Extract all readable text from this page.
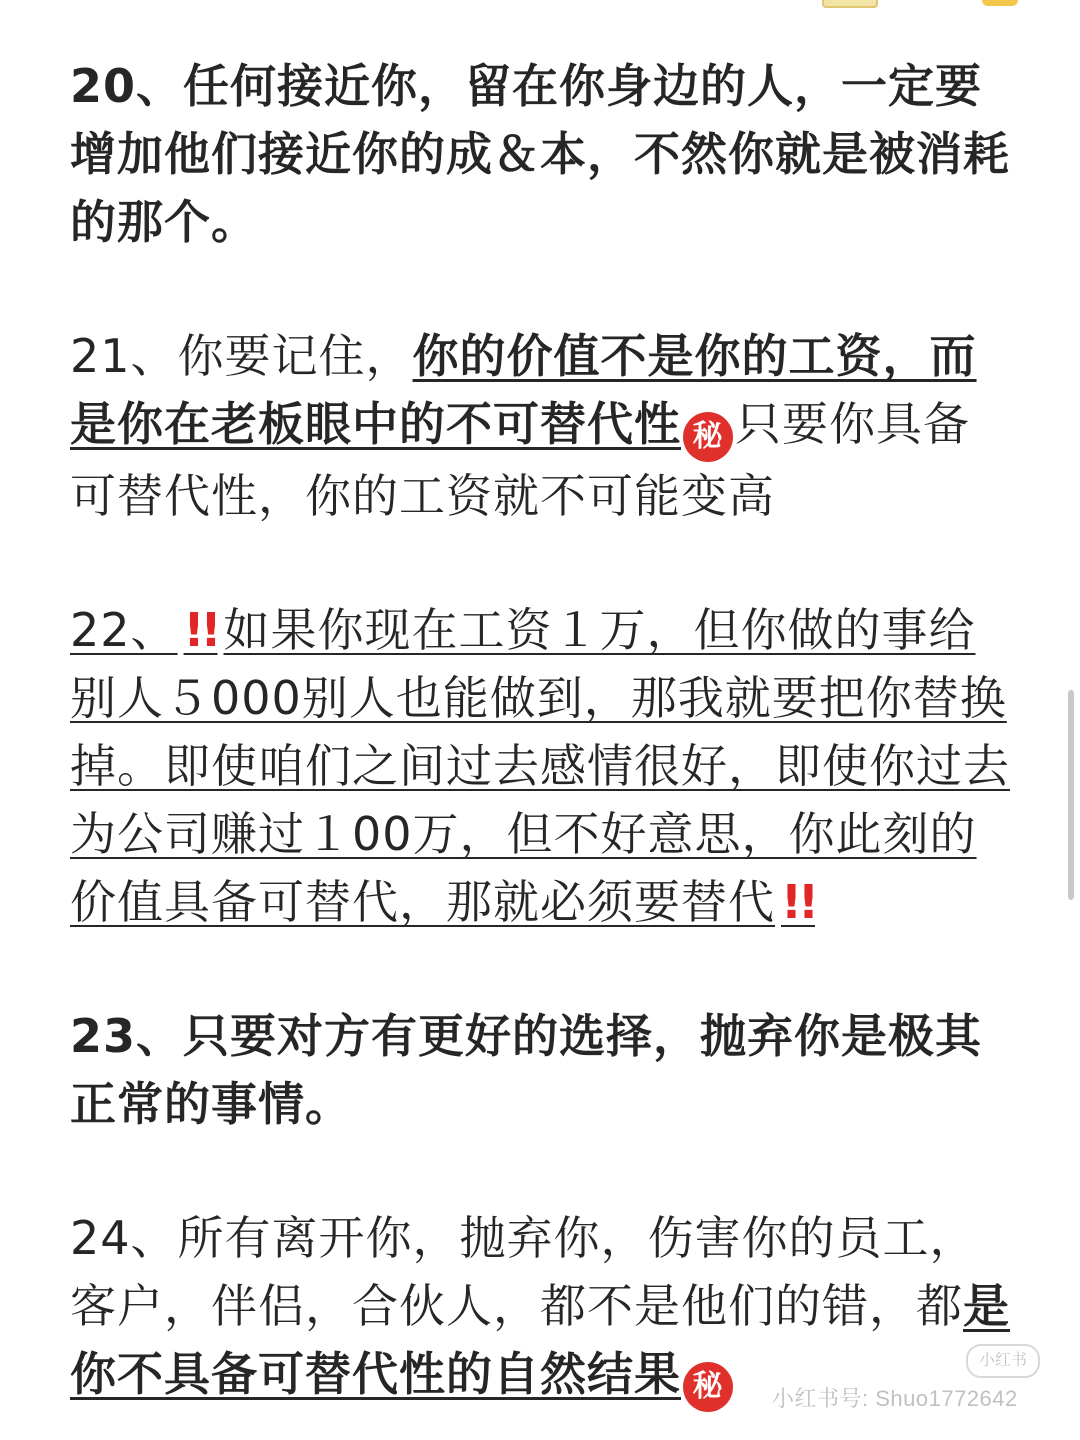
20、任何接近你，留在你身边的人，一定要增加他们接近你的成＆本，不然你就是被消耗的那个。

21、你要记住，你的价值不是你的工资，而是你在老板眼中的不可替代性 秘 只要你具备可替代性，你的工资就不可能变高

22、 !! 如果你现在工资１万，但你做的事给别人５000别人也能做到，那我就要把你替换掉。即使咱们之间过去感情很好，即使你过去为公司赚过１00万，但不好意思，你此刻的价值具备可替代，那就必须要替代 !!

23、只要对方有更好的选择，抛弃你是极其正常的事情。

24、所有离开你，抛弃你，伤害你的员工，客户，伴侣，合伙人，都不是他们的错，都是你不具备可替代性的自然结果 秘

小红书
小红书号: Shuo1772642
